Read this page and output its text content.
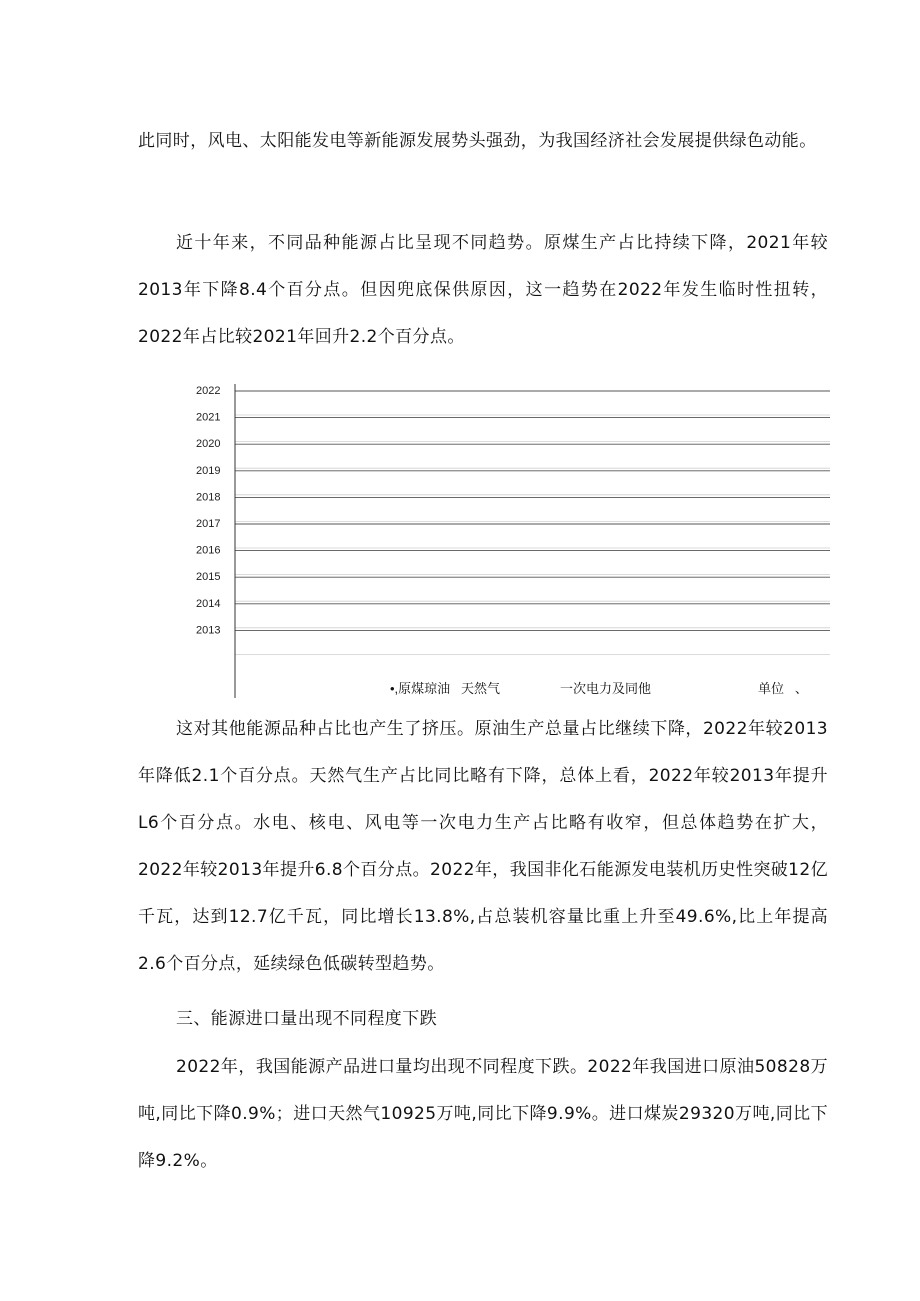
此同时，风电、太阳能发电等新能源发展势头强劲，为我国经济社会发展提供绿色动能。

近十年来，不同品种能源占比呈现不同趋势。原煤生产占比持续下降，2021年较2013年下降8.4个百分点。但因兜底保供原因，这一趋势在2022年发生临时性扭转，2022年占比较2021年回升2.2个百分点。

2022
2021
2020
2019
2018
2017
2016
2015
2014
2013
•,原煤琼油   天然气	一次电力及同他	单位   、

这对其他能源品种占比也产生了挤压。原油生产总量占比继续下降，2022年较2013年降低2.1个百分点。天然气生产占比同比略有下降，总体上看，2022年较2013年提升L6个百分点。水电、核电、风电等一次电力生产占比略有收窄，但总体趋势在扩大，2022年较2013年提升6.8个百分点。2022年，我国非化石能源发电装机历史性突破12亿千瓦，达到12.7亿千瓦，同比增长13.8%,占总装机容量比重上升至49.6%,比上年提高2.6个百分点，延续绿色低碳转型趋势。

三、能源进口量出现不同程度下跌

2022年，我国能源产品进口量均出现不同程度下跌。2022年我国进口原油50828万吨,同比下降0.9%；进口天然气10925万吨,同比下降9.9%。进口煤炭29320万吨,同比下降9.2%。
